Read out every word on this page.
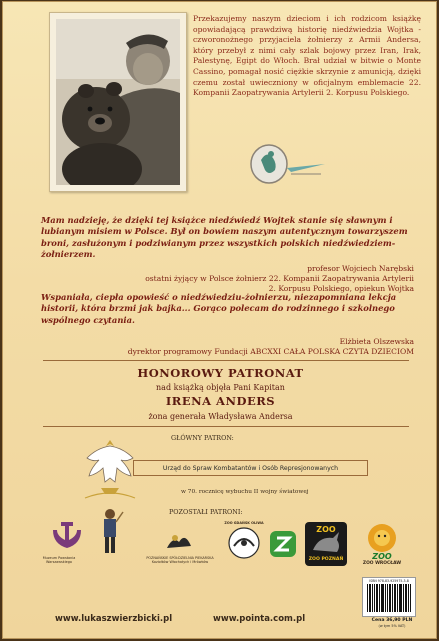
Przekazujemy naszym dzieciom i ich rodzicom książkę opowiadającą prawdziwą historię niedźwiedzia Wojtka - czworonożnego przyjaciela żołnierzy z Armii Andersa, który przebył z nimi cały szlak bojowy przez Iran, Irak, Palestynę, Egipt do Włoch. Brał udział w bitwie o Monte Cassino, pomagał nosić ciężkie skrzynie z amunicją, dzięki czemu został uwieczniony w oficjalnym emblemacie 22. Kompanii Zaopatrywania Artylerii 2. Korpusu Polskiego.

Mam nadzieję, że dzięki tej książce niedźwiedź Wojtek stanie się sławnym i lubianym misiem w Polsce. Był on bowiem naszym autentycznym towarzyszem broni, zasłużonym i podziwianym przez wszystkich polskich niedźwiedziem-żołnierzem.

profesor Wojciech Narębski
ostatni żyjący w Polsce żołnierz 22. Kompanii Zaopatrywania Artylerii
2. Korpusu Polskiego, opiekun Wojtka

Wspaniała, ciepła opowieść o niedźwiedziu-żołnierzu, niezapomniana lekcja historii, która brzmi jak bajka... Gorąco polecam do rodzinnego i szkolnego wspólnego czytania.

Elżbieta Olszewska
dyrektor programowy Fundacji ABCXXI CAŁA POLSKA CZYTA DZIECIOM

HONOROWY PATRONAT

nad książką objęła Pani Kapitan

IRENA ANDERS

żona generała Władysława Andersa

GŁÓWNY PATRON:

Urząd do Spraw Kombatantów i Osób Represjonowanych

w 70. rocznicę wybuchu II wojny światowej

POZOSTAŁI PATRONI:

Muzeum Powstania Warszawskiego

POZNAŃSKIE SPÓŁDZIELNIA PIEKARSKA Koziołków Włochatych i Mrówków

ZOO GDAŃSK OLIWA

ZOO

ZOO POZNAŃ	ZOO

ZOO WROCŁAW

ISBN 978-83-925975-3-8

Cena 36,90 PLN

(w tym 5% VAT)

www.lukaszwierzbicki.pl	www.pointa.com.pl
